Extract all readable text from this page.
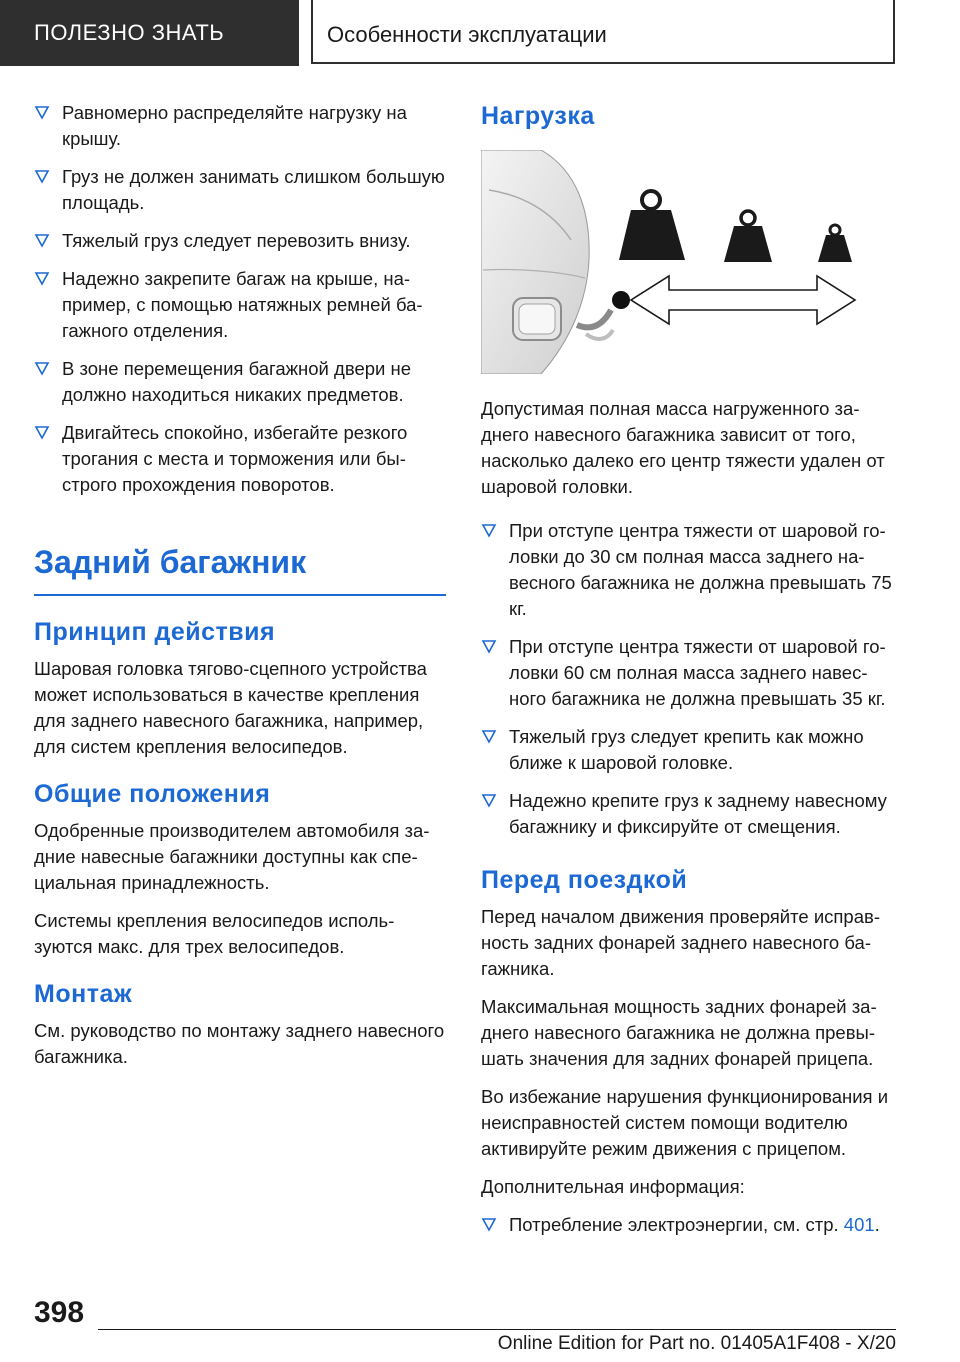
ПОЛЕЗНО ЗНАТЬ	Особенности эксплуатации
Равномерно распределяйте нагрузку на крышу.
Груз не должен занимать слишком большую площадь.
Тяжелый груз следует перевозить внизу.
Надежно закрепите багаж на крыше, например, с помощью натяжных ремней багажного отделения.
В зоне перемещения багажной двери не должно находиться никаких предметов.
Двигайтесь спокойно, избегайте резкого трогания с места и торможения или быстрого прохождения поворотов.
Задний багажник
Принцип действия

Шаровая головка тягово-сцепного устройства может использоваться в качестве крепления для заднего навесного багажника, например, для систем крепления велосипедов.

Общие положения

Одобренные производителем автомобиля задние навесные багажники доступны как специальная принадлежность.

Системы крепления велосипедов используются макс. для трех велосипедов.

Монтаж

См. руководство по монтажу заднего навесного багажника.

Нагрузка

Допустимая полная масса нагруженного заднего навесного багажника зависит от того, насколько далеко его центр тяжести удален от шаровой головки.

При отступе центра тяжести от шаровой головки до 30 см полная масса заднего навесного багажника не должна превышать 75 кг.
При отступе центра тяжести от шаровой головки 60 см полная масса заднего навесного багажника не должна превышать 35 кг.
Тяжелый груз следует крепить как можно ближе к шаровой головке.
Надежно крепите груз к заднему навесному багажнику и фиксируйте от смещения.
Перед поездкой

Перед началом движения проверяйте исправность задних фонарей заднего навесного багажника.

Максимальная мощность задних фонарей заднего навесного багажника не должна превышать значения для задних фонарей прицепа.

Во избежание нарушения функционирования и неисправностей систем помощи водителю активируйте режим движения с прицепом.

Дополнительная информация:

Потребление электроэнергии, см. стр. 401.
398
Online Edition for Part no. 01405A1F408 - X/20
